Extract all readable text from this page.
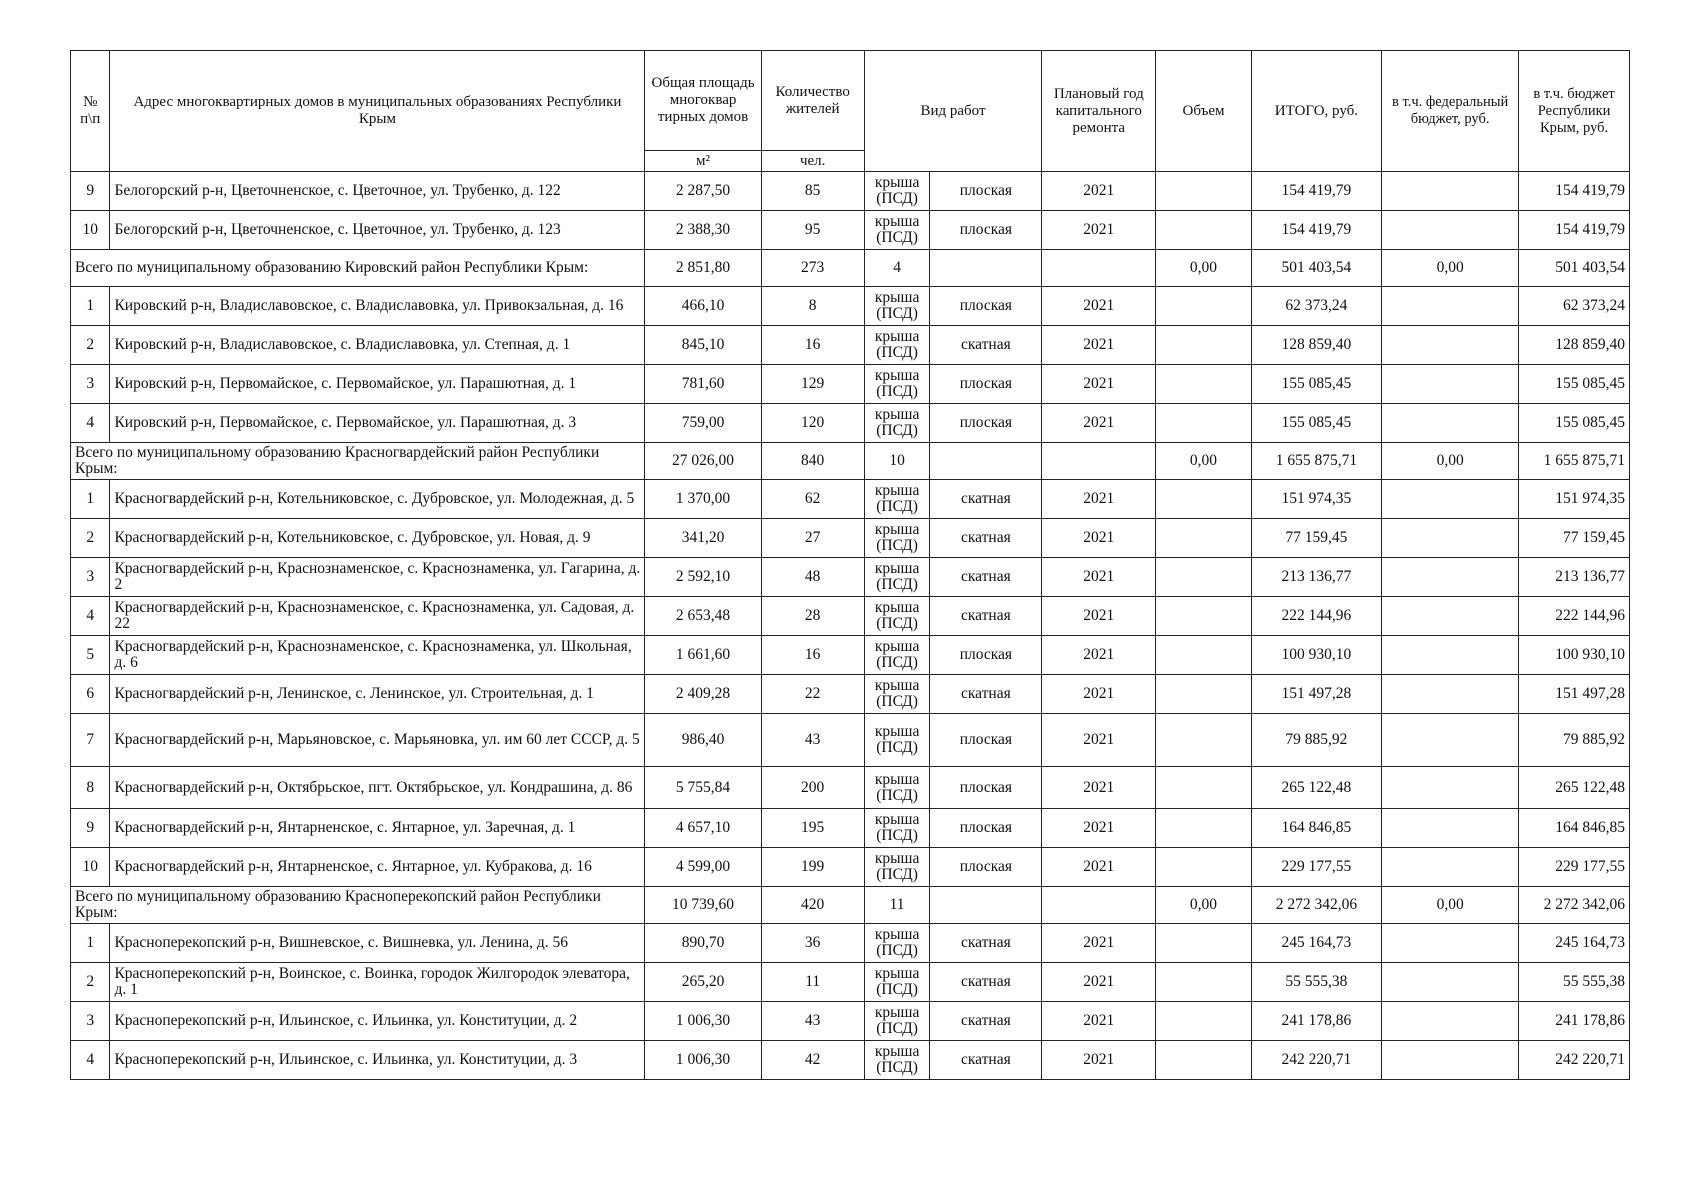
№ п\п	Адрес многоквартирных домов в муниципальных образованиях Республики Крым	Общая площадь многоквар тирных домов	Количество жителей	Вид работ		Плановый год капитального ремонта	Объем	ИТОГО, руб.	в т.ч. федеральный бюджет, руб.	в т.ч. бюджет Республики Крым, руб.
		м²	чел.							
9	Белогорский р-н, Цветочненское, с. Цветочное, ул. Трубенко, д. 122	2 287,50	85	крыша (ПСД)	плоская	2021		154 419,79		154 419,79
10	Белогорский р-н, Цветочненское, с. Цветочное, ул. Трубенко, д. 123	2 388,30	95	крыша (ПСД)	плоская	2021		154 419,79		154 419,79
Всего по муниципальному образованию Кировский район Республики Крым:		2 851,80	273	4			0,00	501 403,54	0,00	501 403,54
1	Кировский р-н, Владиславовское, с. Владиславовка, ул. Привокзальная, д. 16	466,10	8	крыша (ПСД)	плоская	2021		62 373,24		62 373,24
2	Кировский р-н, Владиславовское, с. Владиславовка, ул. Степная, д. 1	845,10	16	крыша (ПСД)	скатная	2021		128 859,40		128 859,40
3	Кировский р-н, Первомайское, с. Первомайское, ул. Парашютная, д. 1	781,60	129	крыша (ПСД)	плоская	2021		155 085,45		155 085,45
4	Кировский р-н, Первомайское, с. Первомайское, ул. Парашютная, д. 3	759,00	120	крыша (ПСД)	плоская	2021		155 085,45		155 085,45
Всего по муниципальному образованию Красногвардейский район Республики Крым:		27 026,00	840	10			0,00	1 655 875,71	0,00	1 655 875,71
1	Красногвардейский р-н, Котельниковское, с. Дубровское, ул. Молодежная, д. 5	1 370,00	62	крыша (ПСД)	скатная	2021		151 974,35		151 974,35
2	Красногвардейский р-н, Котельниковское, с. Дубровское, ул. Новая, д. 9	341,20	27	крыша (ПСД)	скатная	2021		77 159,45		77 159,45
3	Красногвардейский р-н, Краснознаменское, с. Краснознаменка, ул. Гагарина, д. 2	2 592,10	48	крыша (ПСД)	скатная	2021		213 136,77		213 136,77
4	Красногвардейский р-н, Краснознаменское, с. Краснознаменка, ул. Садовая, д. 22	2 653,48	28	крыша (ПСД)	скатная	2021		222 144,96		222 144,96
5	Красногвардейский р-н, Краснознаменское, с. Краснознаменка, ул. Школьная, д. 6	1 661,60	16	крыша (ПСД)	плоская	2021		100 930,10		100 930,10
6	Красногвардейский р-н, Ленинское, с. Ленинское, ул. Строительная, д. 1	2 409,28	22	крыша (ПСД)	скатная	2021		151 497,28		151 497,28
7	Красногвардейский р-н, Марьяновское, с. Марьяновка, ул. им 60 лет СССР, д. 5	986,40	43	крыша (ПСД)	плоская	2021		79 885,92		79 885,92
8	Красногвардейский р-н, Октябрьское, пгт. Октябрьское, ул. Кондрашина, д. 86	5 755,84	200	крыша (ПСД)	плоская	2021		265 122,48		265 122,48
9	Красногвардейский р-н, Янтарненское, с. Янтарное, ул. Заречная, д. 1	4 657,10	195	крыша (ПСД)	плоская	2021		164 846,85		164 846,85
10	Красногвардейский р-н, Янтарненское, с. Янтарное, ул. Кубракова, д. 16	4 599,00	199	крыша (ПСД)	плоская	2021		229 177,55		229 177,55
Всего по муниципальному образованию Красноперекопский район Республики Крым:		10 739,60	420	11			0,00	2 272 342,06	0,00	2 272 342,06
1	Красноперекопский р-н, Вишневское, с. Вишневка, ул. Ленина, д. 56	890,70	36	крыша (ПСД)	скатная	2021		245 164,73		245 164,73
2	Красноперекопский р-н, Воинское, с. Воинка, городок Жилгородок элеватора, д. 1	265,20	11	крыша (ПСД)	скатная	2021		55 555,38		55 555,38
3	Красноперекопский р-н, Ильинское, с. Ильинка, ул. Конституции, д. 2	1 006,30	43	крыша (ПСД)	скатная	2021		241 178,86		241 178,86
4	Красноперекопский р-н, Ильинское, с. Ильинка, ул. Конституции, д. 3	1 006,30	42	крыша (ПСД)	скатная	2021		242 220,71		242 220,71
